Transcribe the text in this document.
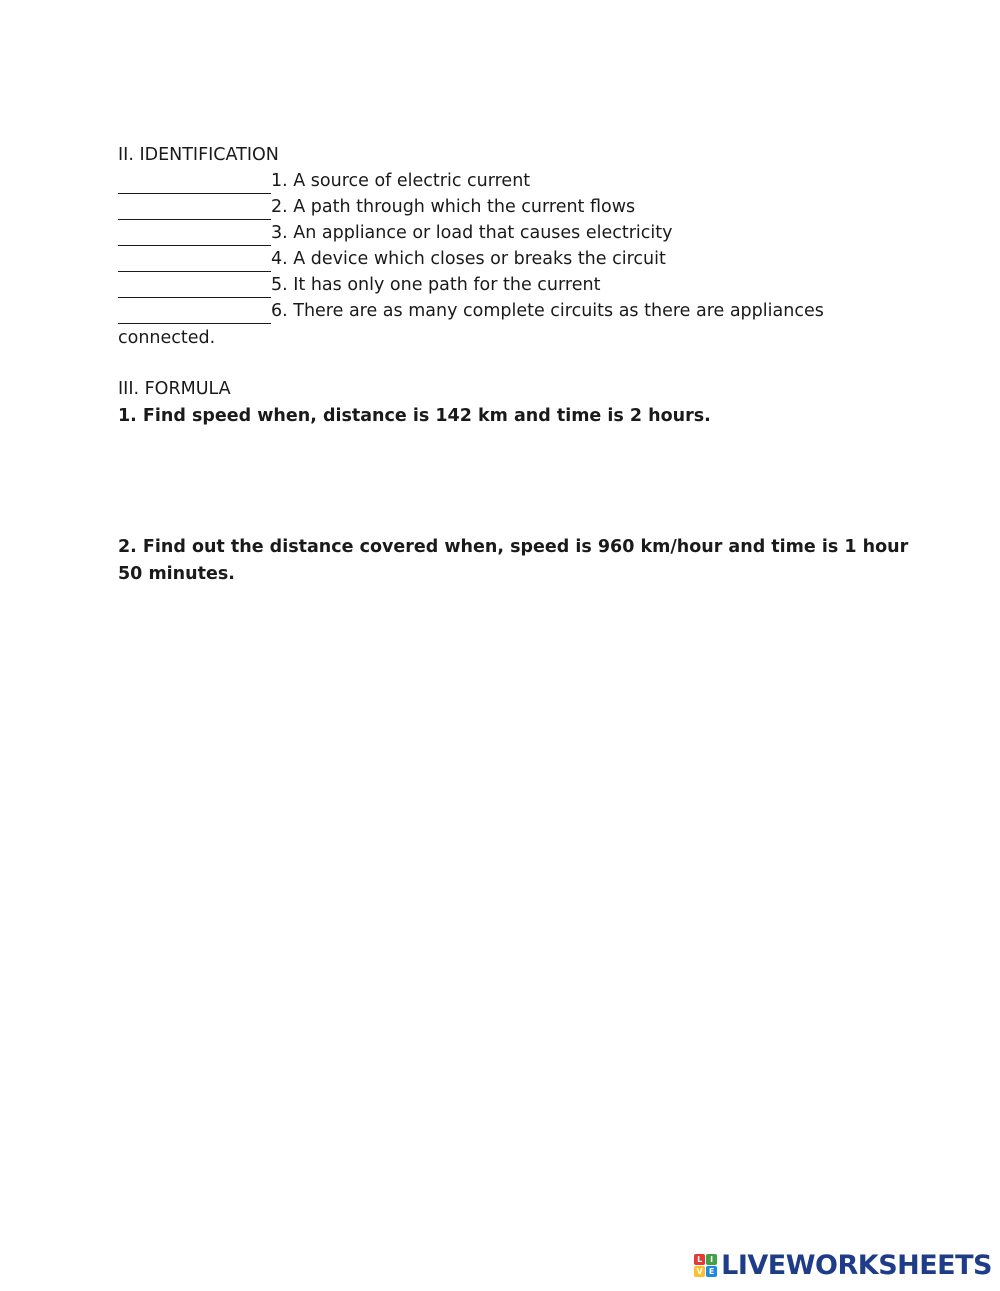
II. IDENTIFICATION
1. A source of electric current
2. A path through which the current flows
3. An appliance or load that causes electricity
4. A device which closes or breaks the circuit
5. It has only one path for the current
6. There are as many complete circuits as there are appliances
connected.
III. FORMULA
1. Find speed when, distance is 142 km and time is 2 hours.
2. Find out the distance covered when, speed is 960 km/hour and time is 1 hour
50 minutes.
L I
V E LIVEWORKSHEETS
